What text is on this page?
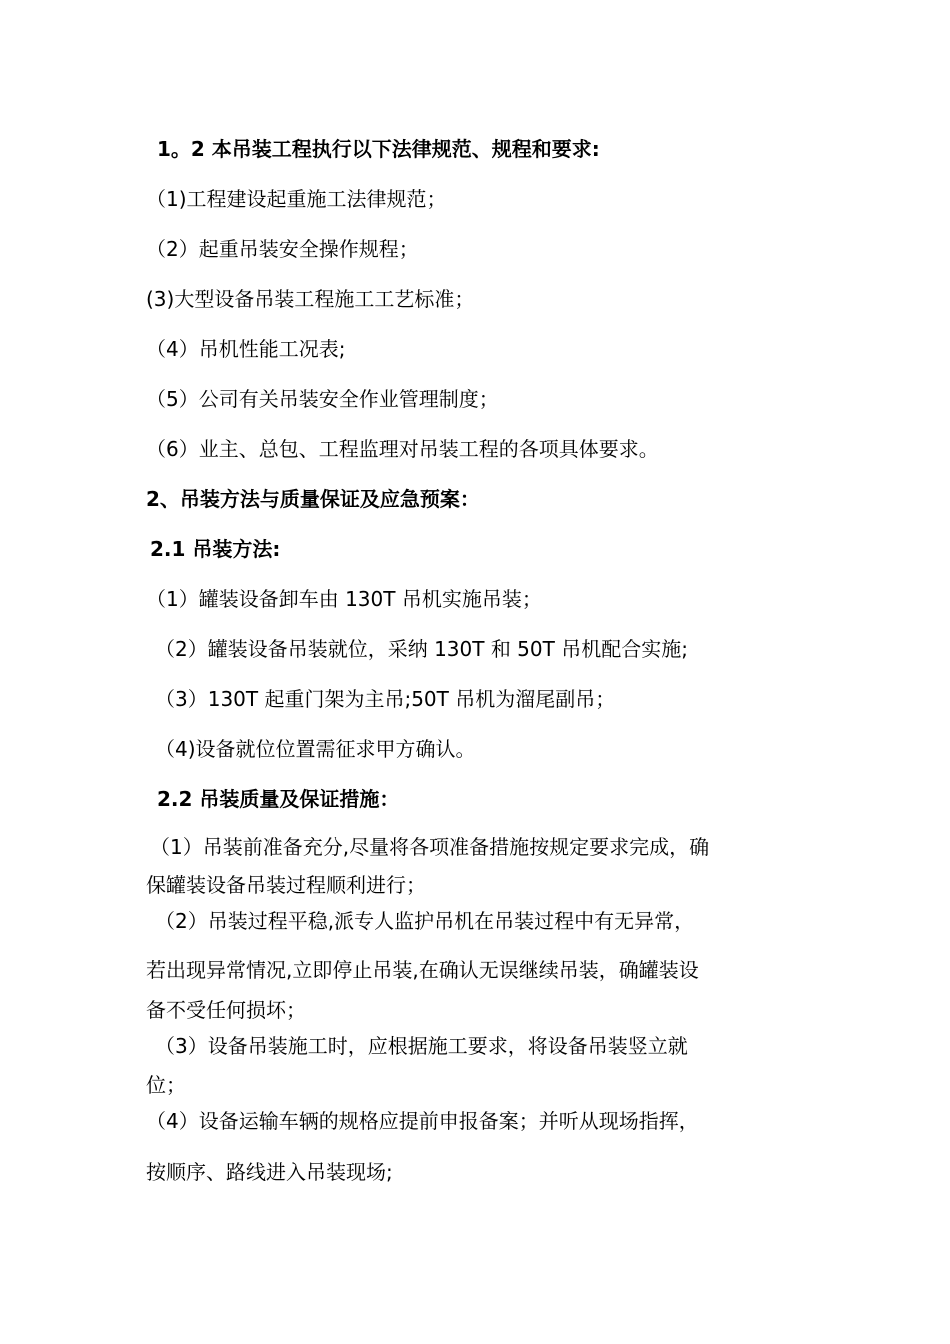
1。2 本吊装工程执行以下法律规范、规程和要求:

（1)工程建设起重施工法律规范；

（2）起重吊装安全操作规程；

(3)大型设备吊装工程施工工艺标准；

（4）吊机性能工况表;

（5）公司有关吊装安全作业管理制度；

（6）业主、总包、工程监理对吊装工程的各项具体要求。

2、吊装方法与质量保证及应急预案：

2.1 吊装方法:

（1）罐装设备卸车由 130T 吊机实施吊装；

（2）罐装设备吊装就位，采纳 130T 和 50T 吊机配合实施;

（3）130T 起重门架为主吊;50T 吊机为溜尾副吊；

（4)设备就位位置需征求甲方确认。

2.2 吊装质量及保证措施：

（1）吊装前准备充分,尽量将各项准备措施按规定要求完成，确

保罐装设备吊装过程顺利进行；

（2）吊装过程平稳,派专人监护吊机在吊装过程中有无异常，

若出现异常情况,立即停止吊装,在确认无误继续吊装，确罐装设

备不受任何损坏；

（3）设备吊装施工时，应根据施工要求，将设备吊装竖立就

位；

（4）设备运输车辆的规格应提前申报备案；并听从现场指挥，

按顺序、路线进入吊装现场;
